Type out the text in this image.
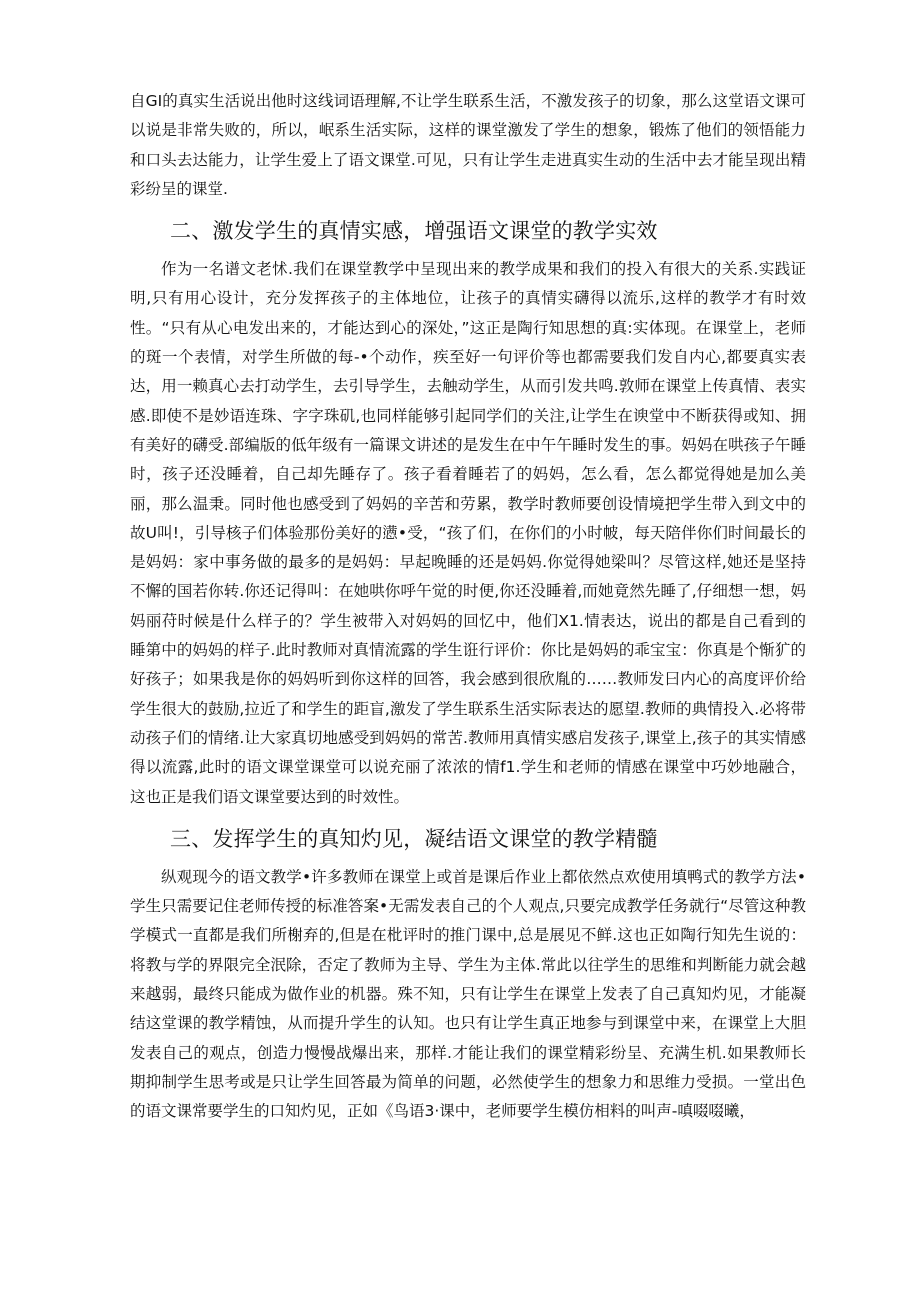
自GI的真实生活说出他时这线词语理解,不让学生联系生活，不激发孩子的切象，那么这堂语文课可以说是非常失败的，所以，岷系生活实际，这样的课堂激发了学生的想象，锻炼了他们的领悟能力和口头去达能力，让学生爱上了语文课堂.可见，只有让学生走进真实生动的生活中去才能呈现出精彩纷呈的课堂.

二、激发学生的真情实感，增强语文课堂的教学实效

作为一名谱文老怵.我们在课堂教学中呈现出来的教学成果和我们的投入有很大的关系.实践证明,只有用心设计，充分发挥孩子的主体地位，让孩子的真情实礴得以流乐,这样的教学才有时效性。“只有从心电发出来的，才能达到心的深处，”这正是陶行知思想的真:实体现。在课堂上，老师的斑一个表情，对学生所做的每-•个动作，疾至好一句评价等也都需要我们发自内心,都要真实表达，用一赖真心去打动学生，去引导学生，去触动学生，从而引发共鸣.敦师在课堂上传真情、表实感.即使不是妙语连珠、字字珠矶,也同样能够引起同学们的关注,让学生在谀堂中不断获得或知、拥有美好的礴受.部编版的低年级有一篇课文讲述的是发生在中午午睡时发生的事。妈妈在哄孩子午睡时，孩子还没睡着，自己却先睡存了。孩子看着睡若了的妈妈，怎么看，怎么都觉得她是加么美丽，那么温秉。同时他也感受到了妈妈的辛苦和劳累，教学时教师要创设情境把学生带入到文中的故U叫!，引导核子们体验那份美好的懑•受，“孩了们，在你们的小时帔，每天陪伴你们时间最长的是妈妈：家中事务做的最多的是妈妈：早起晚睡的还是妈妈.你觉得她梁叫？尽管这样,她还是坚持不懈的国若你转.你还记得叫：在她哄你呼午觉的时便,你还没睡着,而她竟然先睡了,仔细想一想，妈妈丽苻时候是什么样子的？学生被带入对妈妈的回忆中，他们X1.情表达，说出的都是自己看到的睡第中的妈妈的样子.此时教师对真情流露的学生诳行评价：你比是妈妈的乖宝宝：你真是个惭犷的好孩子；如果我是你的妈妈听到你这样的回答，我会感到很欣胤的……教师发曰内心的高度评价给学生很大的鼓励,拉近了和学生的距盲,激发了学生联系生活实际表达的愿望.教师的典情投入.必将带动孩子们的情绪.让大家真切地感受到妈妈的常苦.教师用真情实感启发孩子,课堂上,孩子的其实情感得以流露,此时的语文课堂课堂可以说充丽了浓浓的情f1.学生和老师的情感在课堂中巧妙地融合，这也正是我们语文课堂要达到的时效性。

三、发挥学生的真知灼见，凝结语文课堂的教学精髓

纵观现今的语文教学•许多教师在课堂上或首是课后作业上都依然点欢使用填鸭式的教学方法•学生只需要记住老师传授的标准答案•无需发表自己的个人观点,只要完成教学任务就行“尽管这种教学模式一直都是我们所榭弃的,但是在枇评时的推门课中,总是展见不鲜.这也正如陶行知先生说的：将教与学的界限完全泯除，否定了教师为主导、学生为主体.常此以往学生的思维和判断能力就会越来越弱，最终只能成为做作业的机器。殊不知，只有让学生在课堂上发表了自己真知灼见，才能凝结这堂课的教学精蚀，从而提升学生的认知。也只有让学生真正地参与到课堂中来，在课堂上大胆发表自己的观点，创造力慢慢战爆出来，那样.才能让我们的课堂精彩纷呈、充满生机.如果教师长期抑制学生思考或是只让学生回答最为简单的问题，必然使学生的想象力和思维力受损。一堂出色的语文课常要学生的口知灼见，正如《鸟语3·课中，老师要学生模仿相料的叫声-嗔啜啜曦，
